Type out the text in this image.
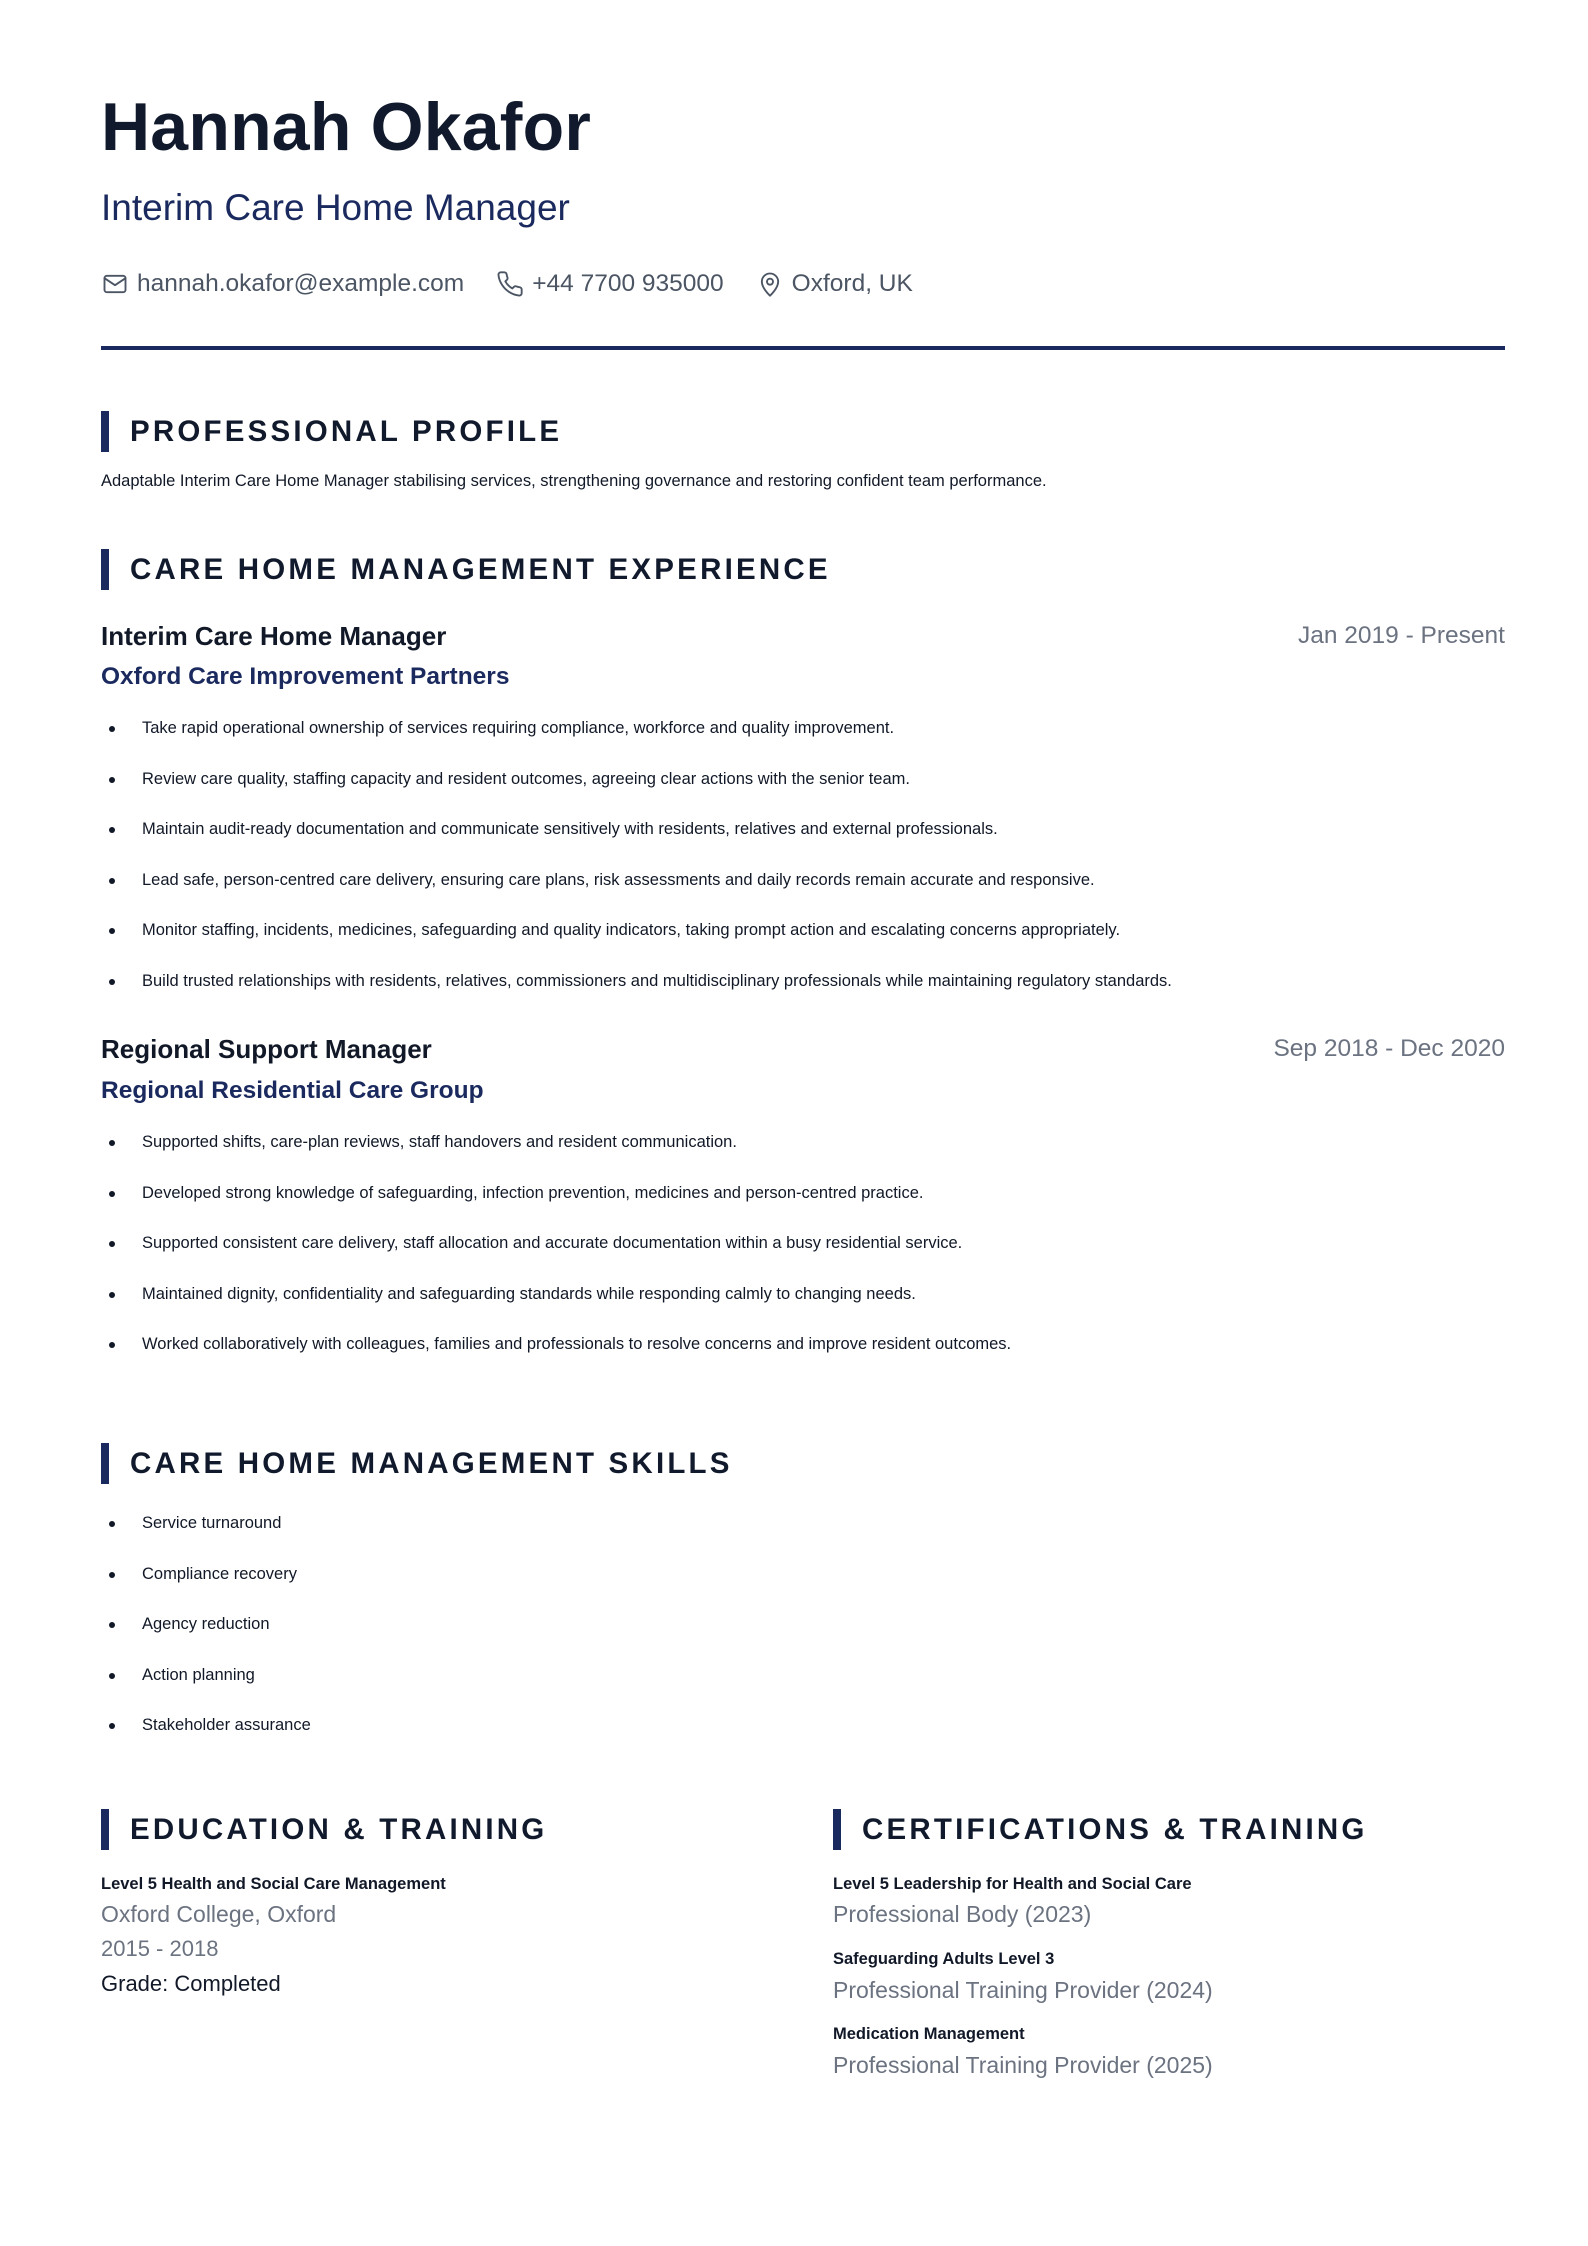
Hannah Okafor
Interim Care Home Manager
hannah.okafor@example.com	+44 7700 935000	Oxford, UK
PROFESSIONAL PROFILE
Adaptable Interim Care Home Manager stabilising services, strengthening governance and restoring confident team performance.
CARE HOME MANAGEMENT EXPERIENCE
Interim Care Home Manager	Jan 2019 - Present
Oxford Care Improvement Partners
Take rapid operational ownership of services requiring compliance, workforce and quality improvement.
Review care quality, staffing capacity and resident outcomes, agreeing clear actions with the senior team.
Maintain audit-ready documentation and communicate sensitively with residents, relatives and external professionals.
Lead safe, person-centred care delivery, ensuring care plans, risk assessments and daily records remain accurate and responsive.
Monitor staffing, incidents, medicines, safeguarding and quality indicators, taking prompt action and escalating concerns appropriately.
Build trusted relationships with residents, relatives, commissioners and multidisciplinary professionals while maintaining regulatory standards.
Regional Support Manager	Sep 2018 - Dec 2020
Regional Residential Care Group
Supported shifts, care-plan reviews, staff handovers and resident communication.
Developed strong knowledge of safeguarding, infection prevention, medicines and person-centred practice.
Supported consistent care delivery, staff allocation and accurate documentation within a busy residential service.
Maintained dignity, confidentiality and safeguarding standards while responding calmly to changing needs.
Worked collaboratively with colleagues, families and professionals to resolve concerns and improve resident outcomes.
CARE HOME MANAGEMENT SKILLS
Service turnaround
Compliance recovery
Agency reduction
Action planning
Stakeholder assurance
EDUCATION & TRAINING
Level 5 Health and Social Care Management
Oxford College, Oxford
2015 - 2018
Grade: Completed
CERTIFICATIONS & TRAINING
Level 5 Leadership for Health and Social Care
Professional Body (2023)
Safeguarding Adults Level 3
Professional Training Provider (2024)
Medication Management
Professional Training Provider (2025)
